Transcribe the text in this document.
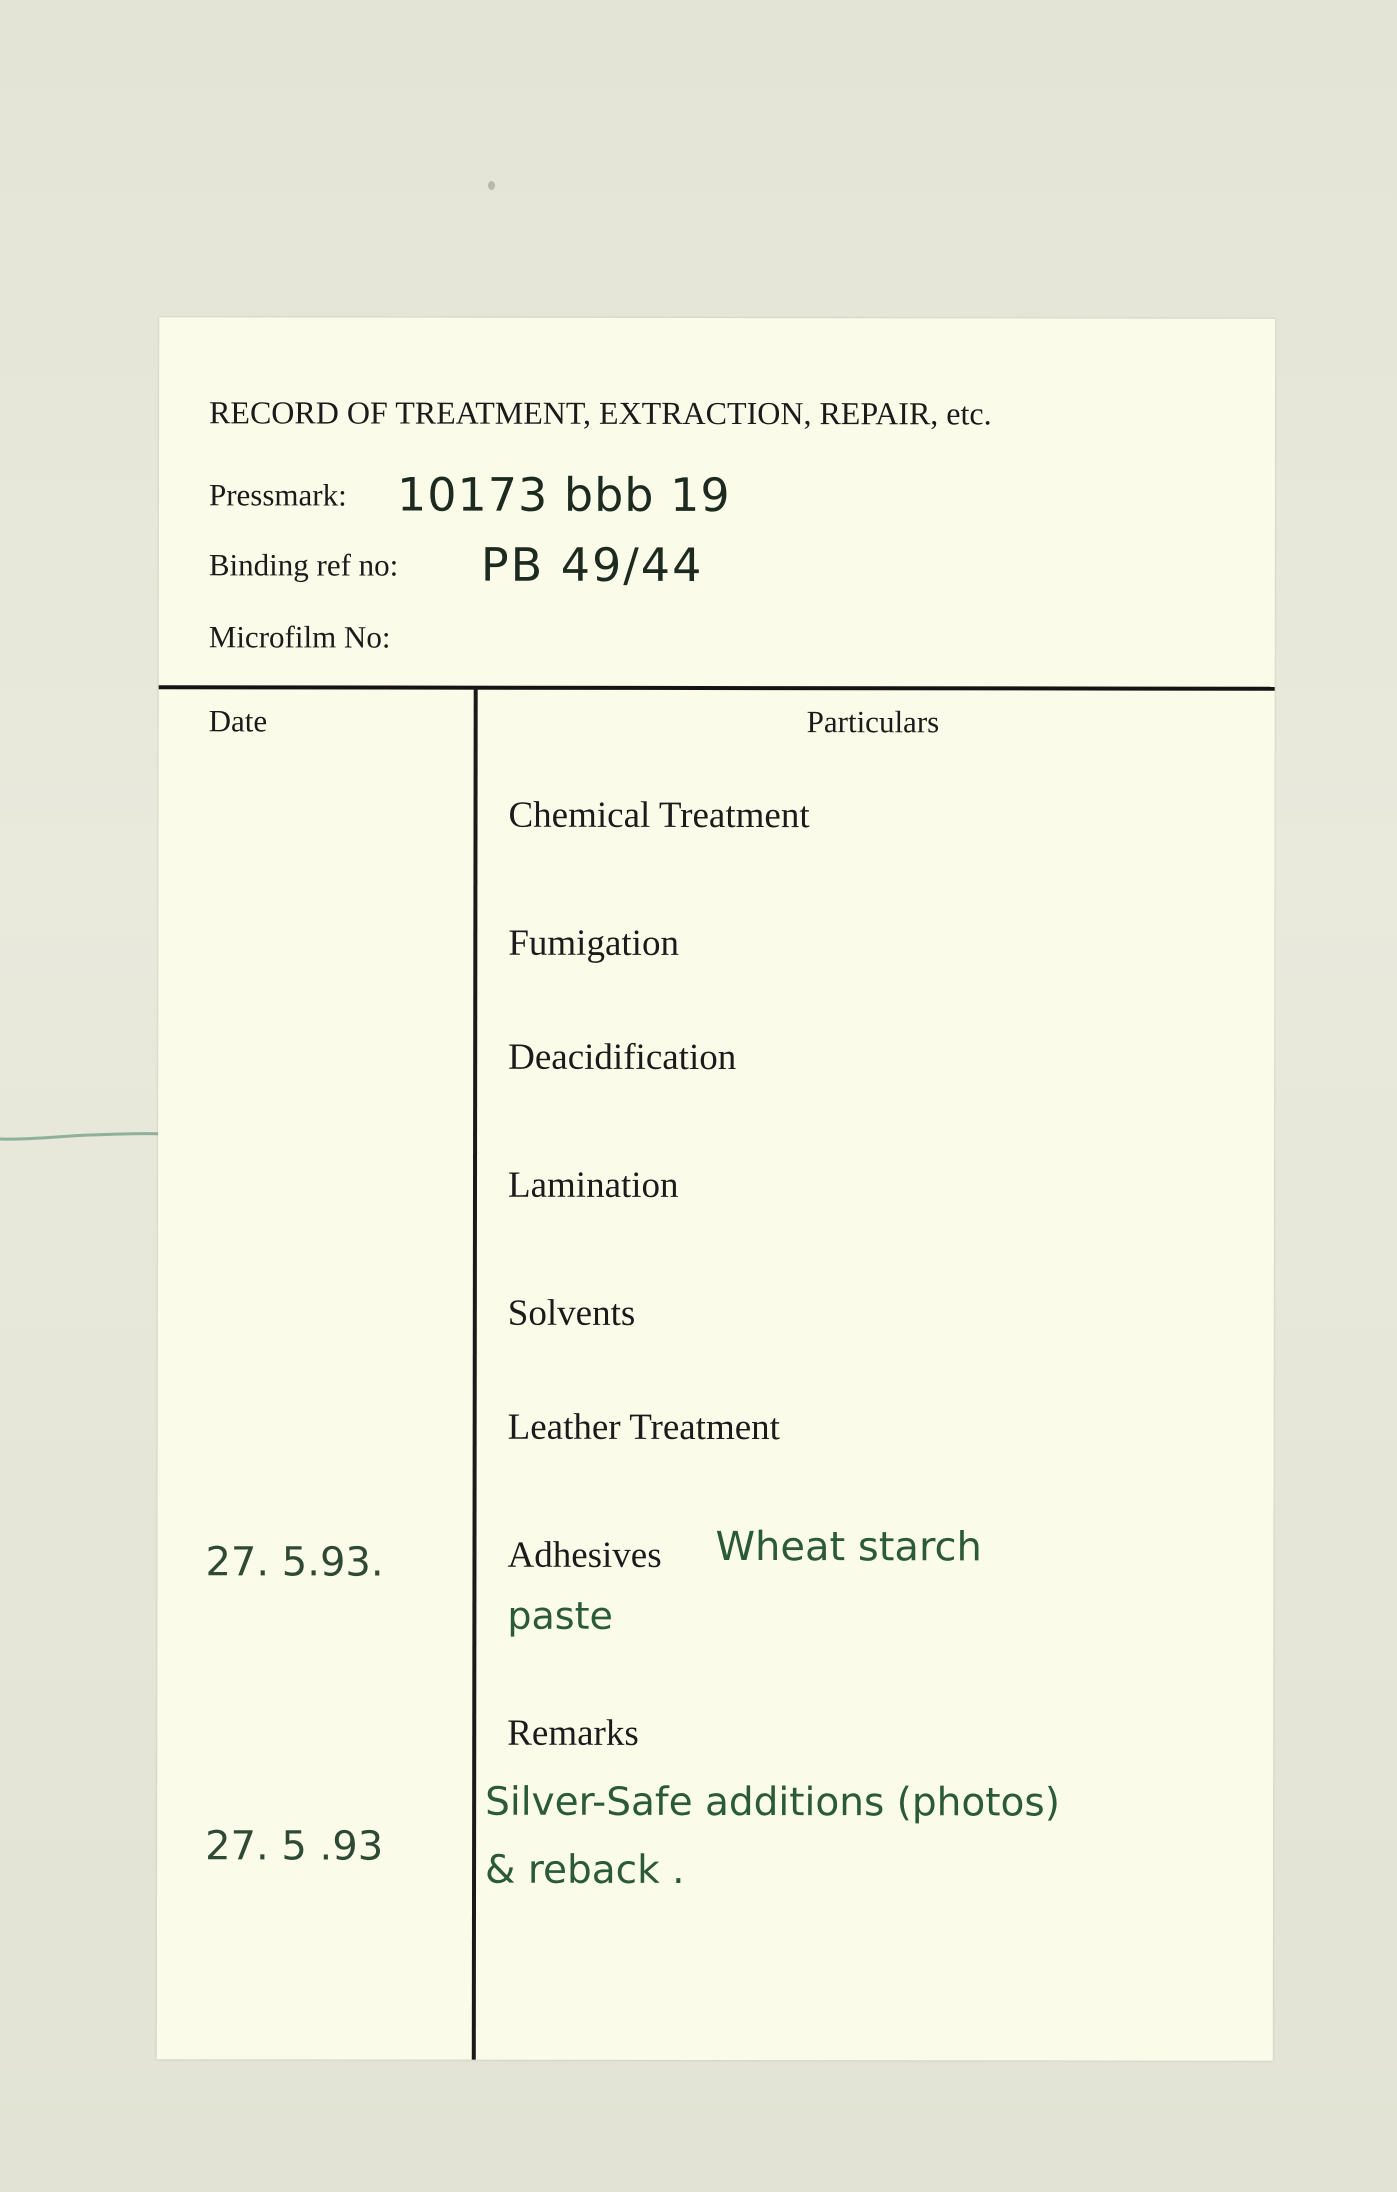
RECORD OF TREATMENT, EXTRACTION, REPAIR, etc.
Pressmark: 10173 bbb 19
Binding ref no: PB 49/44
Microfilm No:
Date	Particulars
Chemical Treatment
Fumigation
Deacidification
Lamination
Solvents
Leather Treatment
Adhesives
Remarks
27. 5.93.	Wheat starch
paste
27. 5 .93
Silver-Safe additions (photos)
& reback .
